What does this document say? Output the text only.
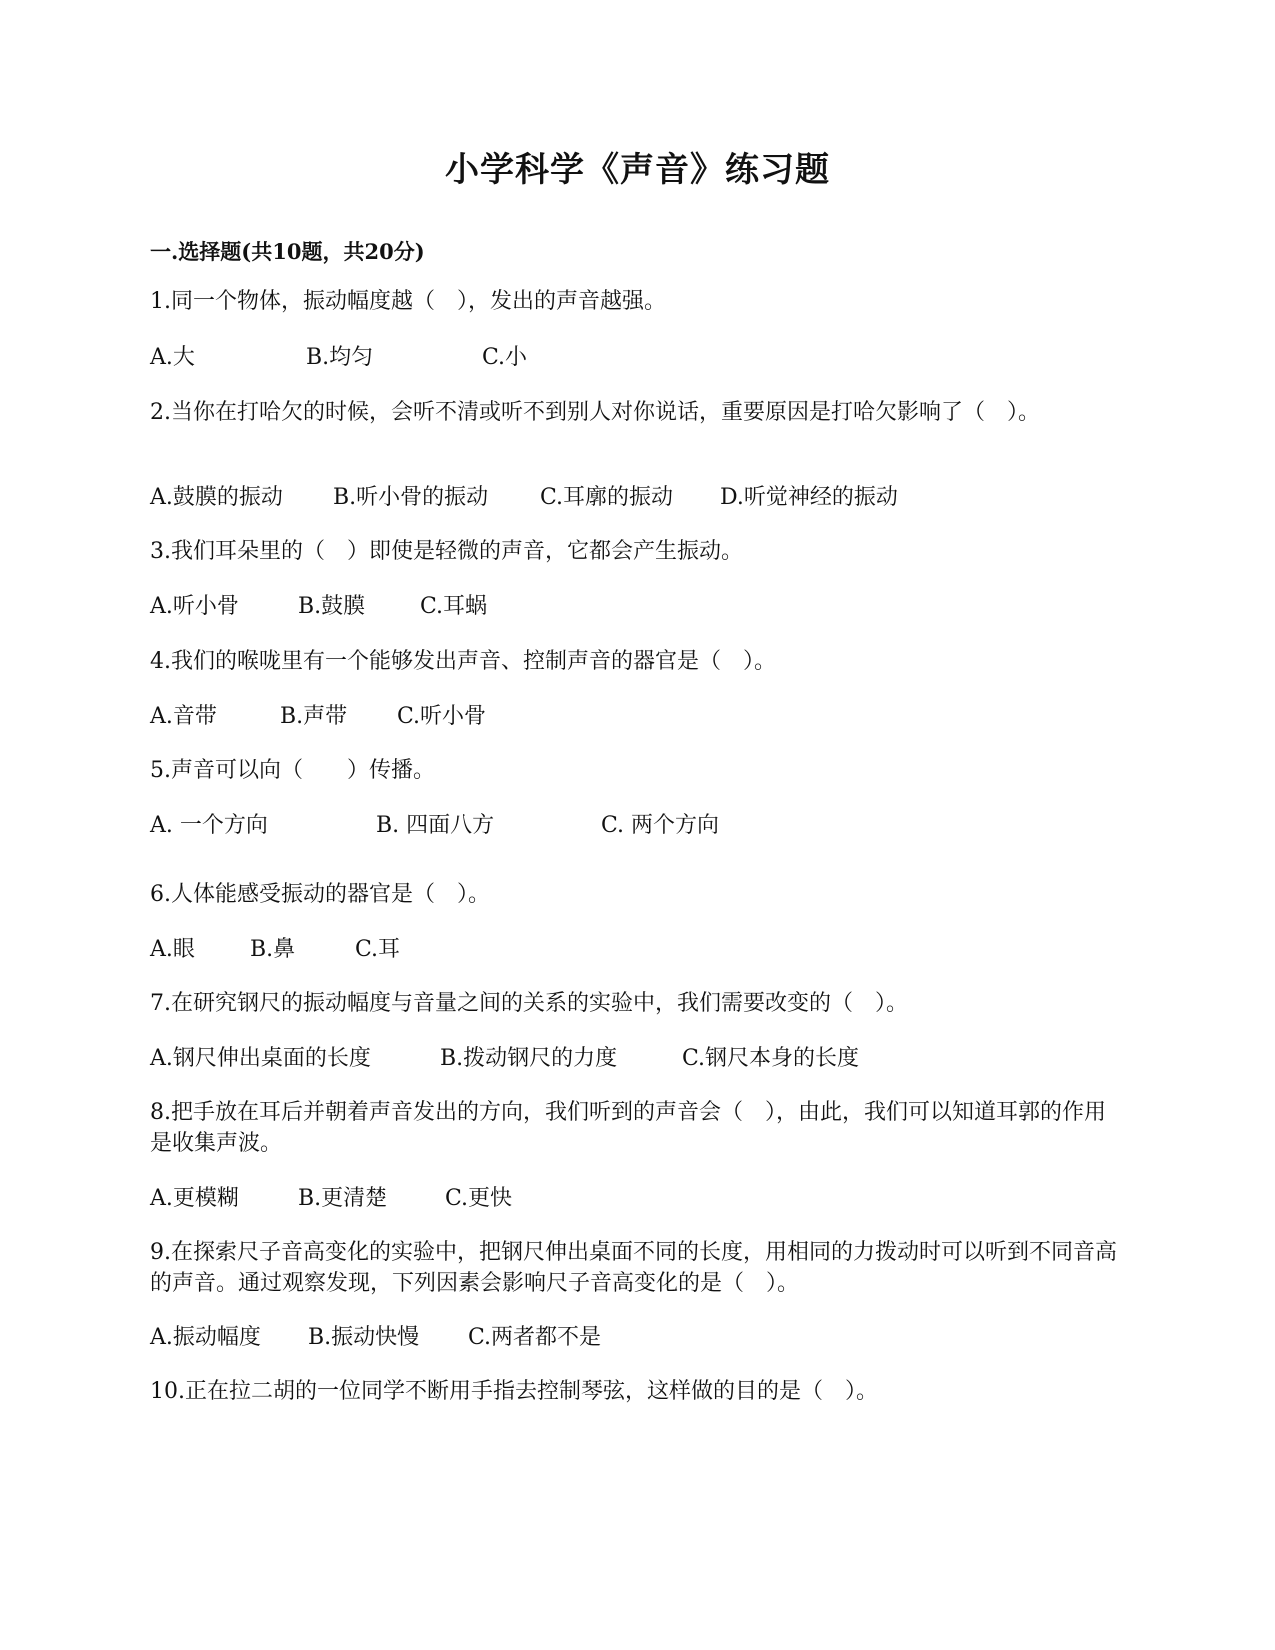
小学科学《声音》练习题
一.选择题(共10题，共20分)
1.同一个物体，振动幅度越（　），发出的声音越强。
A.大	B.均匀	C.小
2.当你在打哈欠的时候，会听不清或听不到别人对你说话，重要原因是打哈欠影响了（　）。
A.鼓膜的振动 B.听小骨的振动 C.耳廓的振动 D.听觉神经的振动
3.我们耳朵里的（　）即使是轻微的声音，它都会产生振动。
A.听小骨	B.鼓膜 C.耳蜗
4.我们的喉咙里有一个能够发出声音、控制声音的器官是（　）。
A.音带	B.声带 C.听小骨
5.声音可以向（　　）传播。
A. 一个方向	B. 四面八方	C. 两个方向
6.人体能感受振动的器官是（　）。
A.眼	B.鼻	C.耳
7.在研究钢尺的振动幅度与音量之间的关系的实验中，我们需要改变的（　）。
A.钢尺伸出桌面的长度	B.拨动钢尺的力度	C.钢尺本身的长度
8.把手放在耳后并朝着声音发出的方向，我们听到的声音会（　），由此，我们可以知道耳郭的作用是收集声波。
A.更模糊	B.更清楚	C.更快
9.在探索尺子音高变化的实验中，把钢尺伸出桌面不同的长度，用相同的力拨动时可以听到不同音高的声音。通过观察发现，下列因素会影响尺子音高变化的是（　）。
A.振动幅度 B.振动快慢 C.两者都不是
10.正在拉二胡的一位同学不断用手指去控制琴弦，这样做的目的是（　）。
